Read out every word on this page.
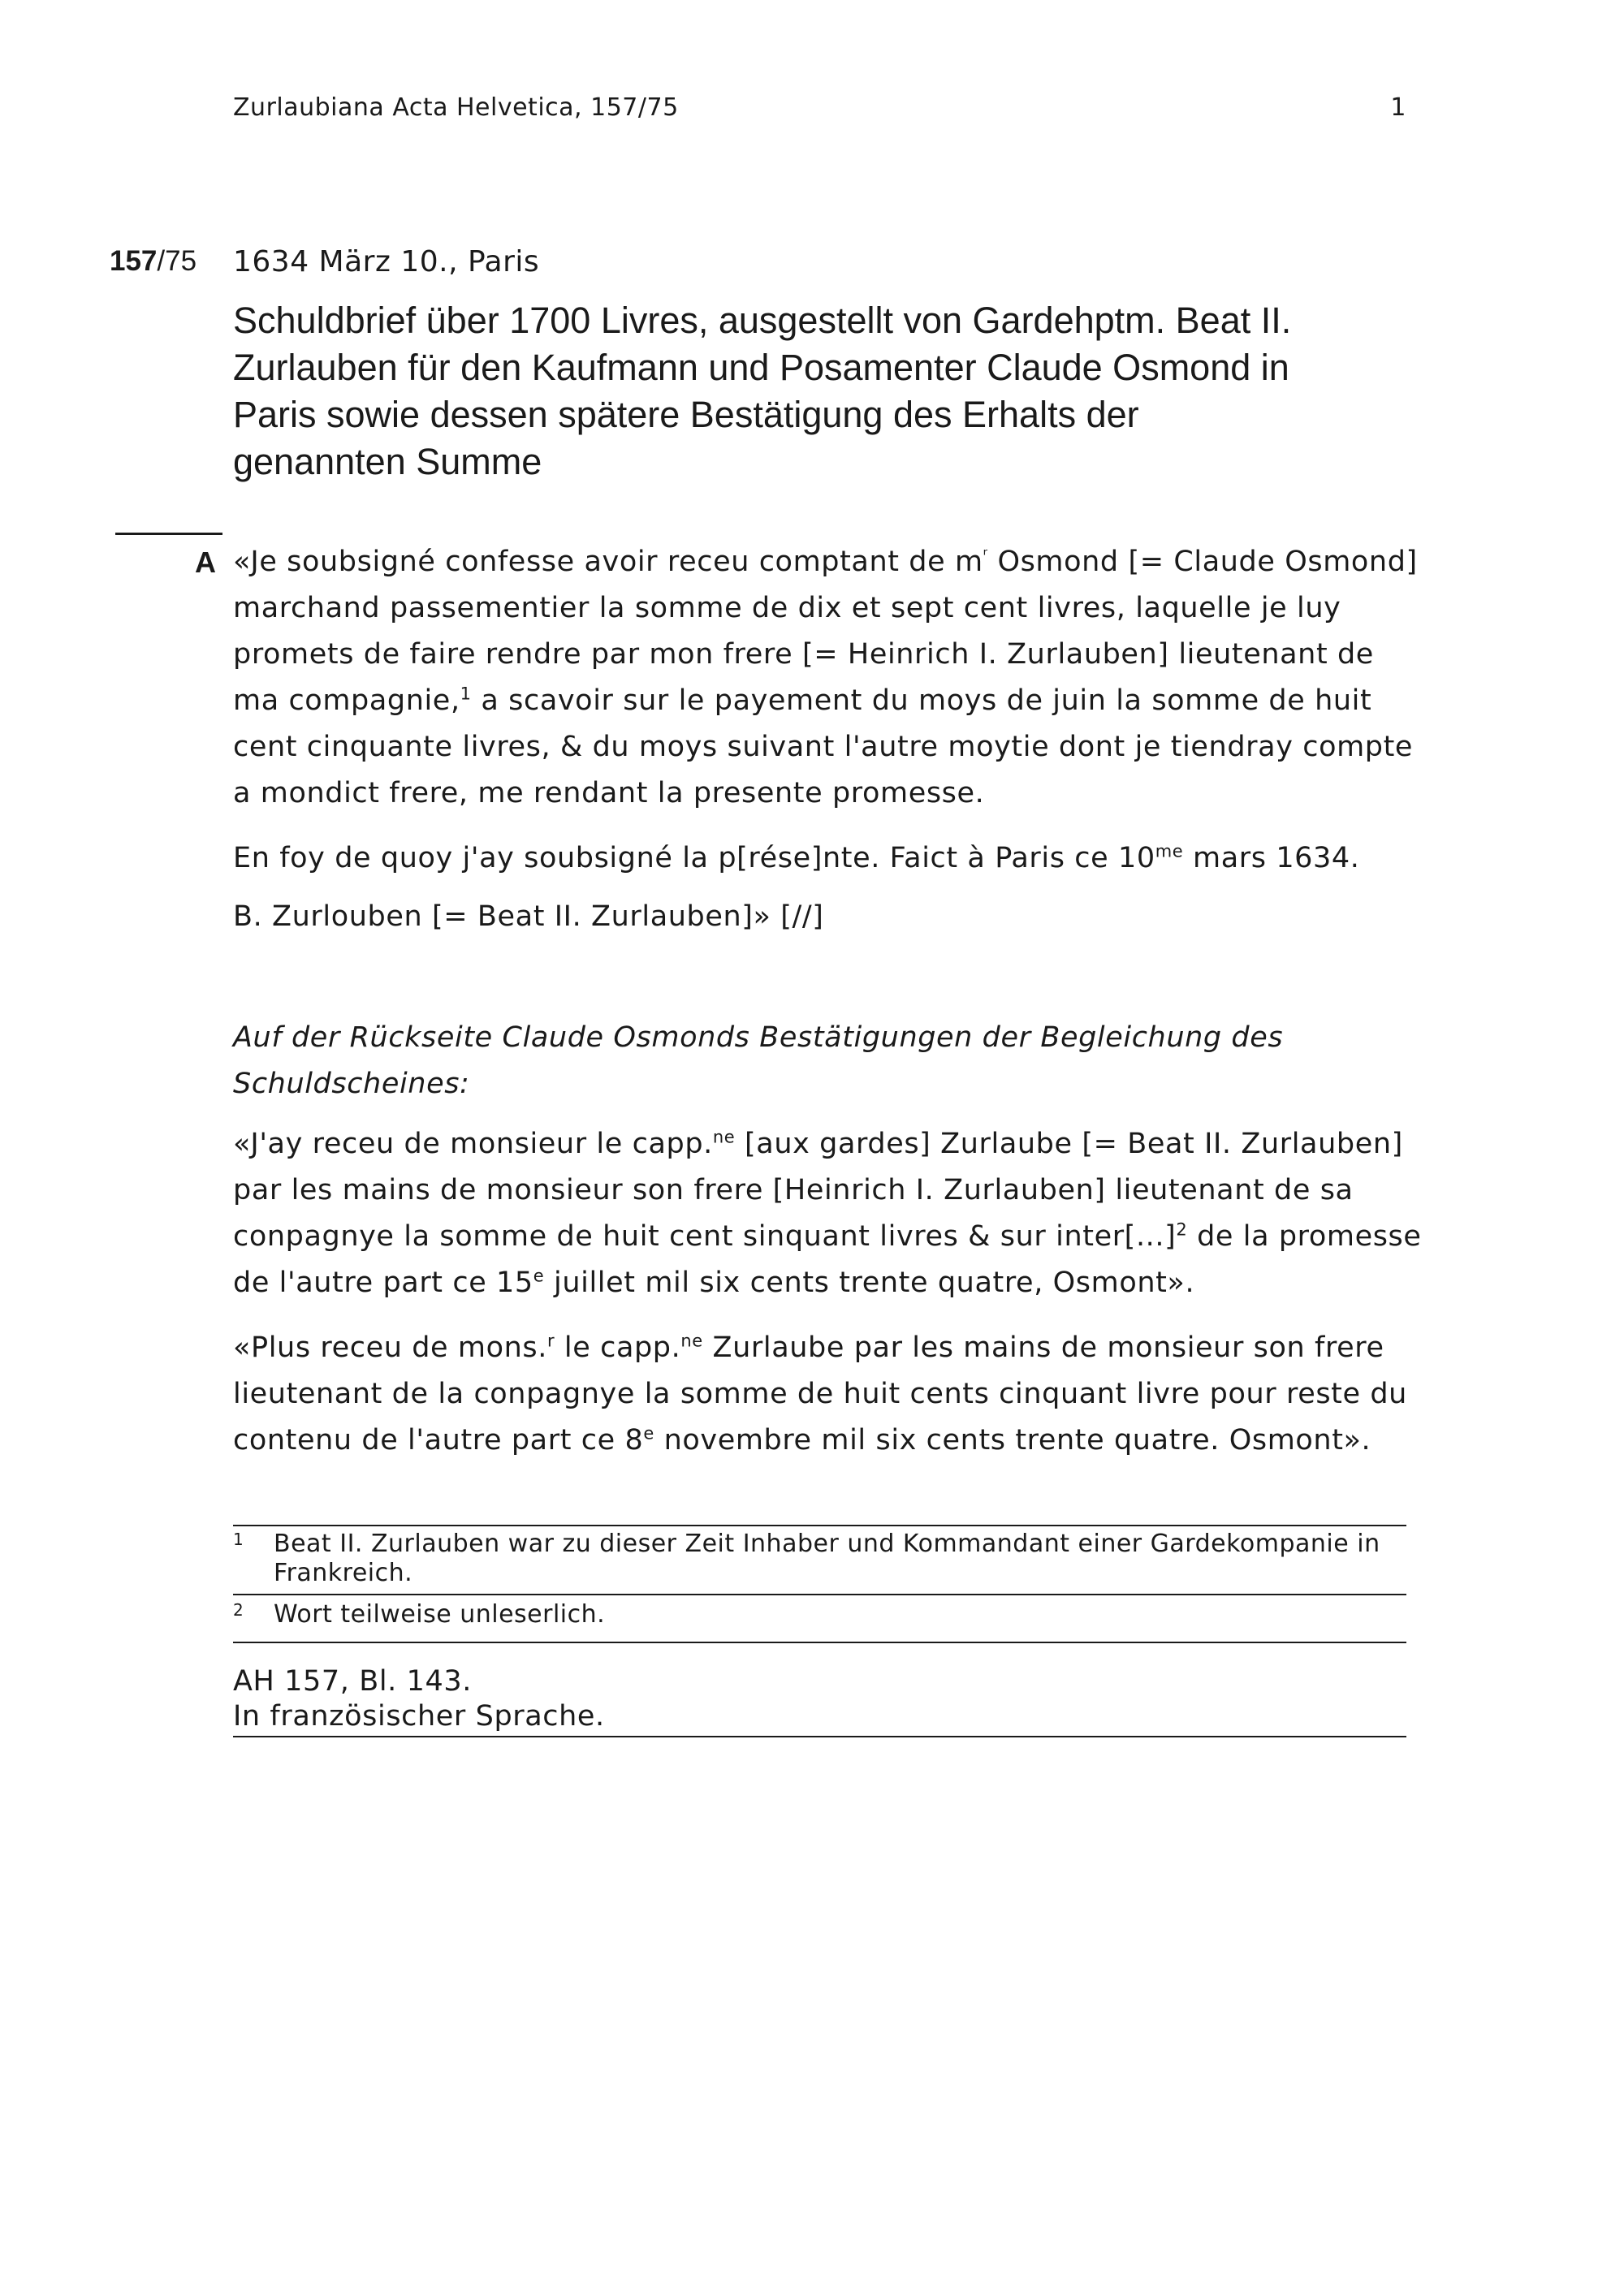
Zurlaubiana Acta Helvetica, 157/75	1
157/75 1634 März 10., Paris
Schuldbrief über 1700 Livres, ausgestellt von Gardehptm. Beat II.
Zurlauben für den Kaufmann und Posamenter Claude Osmond in
Paris sowie dessen spätere Bestätigung des Erhalts der
genannten Summe
A «Je soubsigné confesse avoir receu comptant de $m^ʳ$ Osmond [= Claude Osmond]
marchand passementier la somme de dix et sept cent livres, laquelle je luy
promets de faire rendre par mon frere [= Heinrich I. Zurlauben] lieutenant de
ma compagnie,$^1$ a scavoir sur le payement du moys de juin la somme de huit
cent cinquante livres, & du moys suivant l'autre moytie dont je tiendray compte
a mondict frere, me rendant la presente promesse.
En foy de quoy j'ay soubsigné la p[rése]nte. Faict à Paris ce $10^{me}$ mars 1634.
B. Zurlouben [= Beat II. Zurlauben]» [//]
Auf der Rückseite Claude Osmonds Bestätigungen der Begleichung des
Schuldscheines:
«J'ay receu de monsieur le capp.$^{ne}$ [aux gardes] Zurlaube [= Beat II. Zurlauben]
par les mains de monsieur son frere [Heinrich I. Zurlauben] lieutenant de sa
conpagnye la somme de huit cent sinquant livres & sur inter[...]$^2$ de la promesse
de l'autre part ce 15e juillet mil six cents trente quatre, Osmont».
«Plus receu de mons.$^r$ le capp.$^{ne}$ Zurlaube par les mains de monsieur son frere
lieutenant de la conpagnye la somme de huit cents cinquant livre pour reste du
contenu de l'autre part ce 8e novembre mil six cents trente quatre. Osmont».
1 Beat II. Zurlauben war zu dieser Zeit Inhaber und Kommandant einer Gardekompanie in
Frankreich.
2 Wort teilweise unleserlich.
AH 157, Bl. 143.
In französischer Sprache.
